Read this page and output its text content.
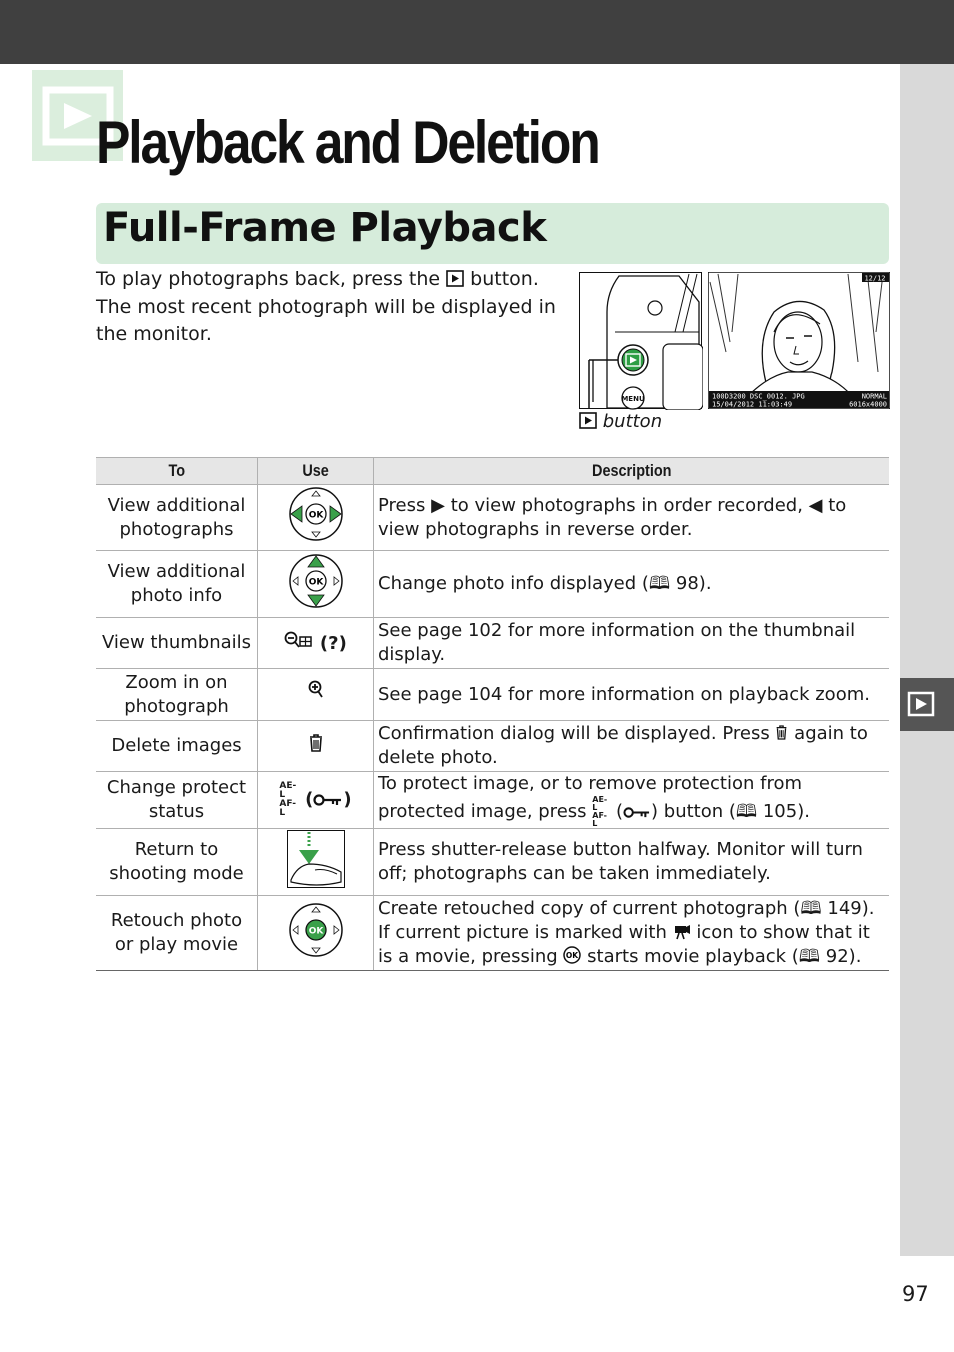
Playback and Deletion
Full-Frame Playback

To play photographs back, press the button. The most recent photograph will be displayed in the monitor.

MENU
12/12
100D3200 DSC_0012. JPG
15/04/2012 11:03:49
NORMAL
6016x4000
button
To	Use	Description
View additional photographs	OK	Press ▶ to view photographs in order recorded, ◀ to view photographs in reverse order.
View additional photo info	OK	Change photo info displayed (🕮 98).
View thumbnails	(?)	See page 102 for more information on the thumbnail display.
Zoom in on photograph		See page 104 for more information on playback zoom.
Delete images		Confirmation dialog will be displayed. Press again to delete photo.
Change protect status	AE-L AF-L ( )	To protect image, or to remove protection from protected image, press AE-L AF-L ( ) button (🕮 105).
Return to shooting mode		Press shutter-release button halfway. Monitor will turn off; photographs can be taken immediately.
Retouch photo or play movie	OK	Create retouched copy of current photograph (🕮 149). If current picture is marked with icon to show that it is a movie, pressing OK starts movie playback (🕮 92).
97
